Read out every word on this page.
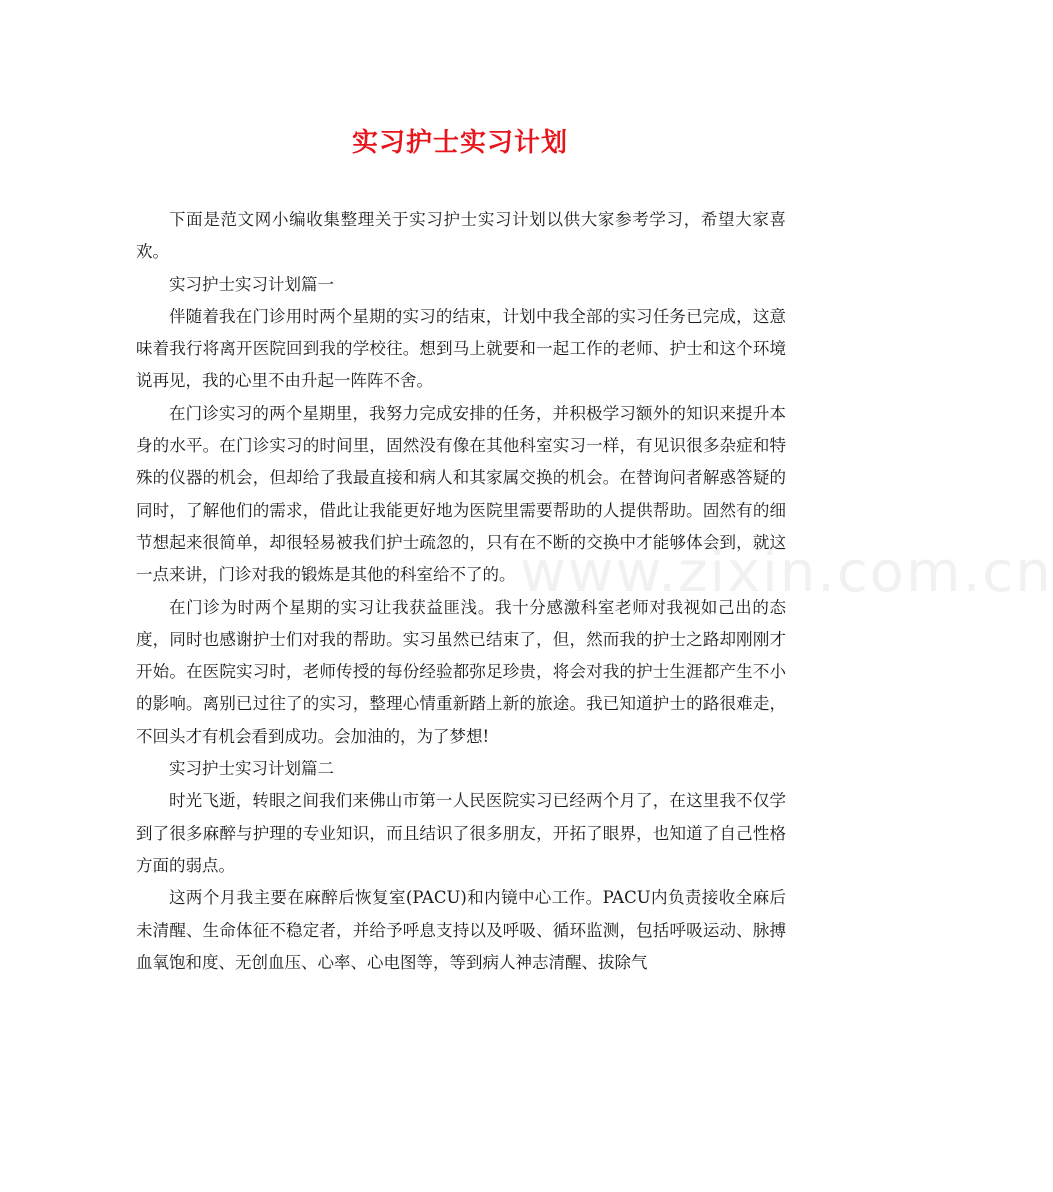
实习护士实习计划
www.zixin.com.cn

下面是范文网小编收集整理关于实习护士实习计划以供大家参考学习，希望大家喜欢。

实习护士实习计划篇一

伴随着我在门诊用时两个星期的实习的结束，计划中我全部的实习任务已完成，这意味着我行将离开医院回到我的学校往。想到马上就要和一起工作的老师、护士和这个环境说再见，我的心里不由升起一阵阵不舍。

在门诊实习的两个星期里，我努力完成安排的任务，并积极学习额外的知识来提升本身的水平。在门诊实习的时间里，固然没有像在其他科室实习一样，有见识很多杂症和特殊的仪器的机会，但却给了我最直接和病人和其家属交换的机会。在替询问者解惑答疑的同时，了解他们的需求，借此让我能更好地为医院里需要帮助的人提供帮助。固然有的细节想起来很简单，却很轻易被我们护士疏忽的，只有在不断的交换中才能够体会到，就这一点来讲，门诊对我的锻炼是其他的科室给不了的。

在门诊为时两个星期的实习让我获益匪浅。我十分感激科室老师对我视如己出的态度，同时也感谢护士们对我的帮助。实习虽然已结束了，但，然而我的护士之路却刚刚才开始。在医院实习时，老师传授的每份经验都弥足珍贵，将会对我的护士生涯都产生不小的影响。离别已过往了的实习，整理心情重新踏上新的旅途。我已知道护士的路很难走，不回头才有机会看到成功。会加油的，为了梦想!

实习护士实习计划篇二

时光飞逝，转眼之间我们来佛山市第一人民医院实习已经两个月了，在这里我不仅学到了很多麻醉与护理的专业知识，而且结识了很多朋友，开拓了眼界，也知道了自己性格方面的弱点。

这两个月我主要在麻醉后恢复室(PACU)和内镜中心工作。PACU内负责接收全麻后未清醒、生命体征不稳定者，并给予呼息支持以及呼吸、循环监测，包括呼吸运动、脉搏血氧饱和度、无创血压、心率、心电图等，等到病人神志清醒、拔除气
